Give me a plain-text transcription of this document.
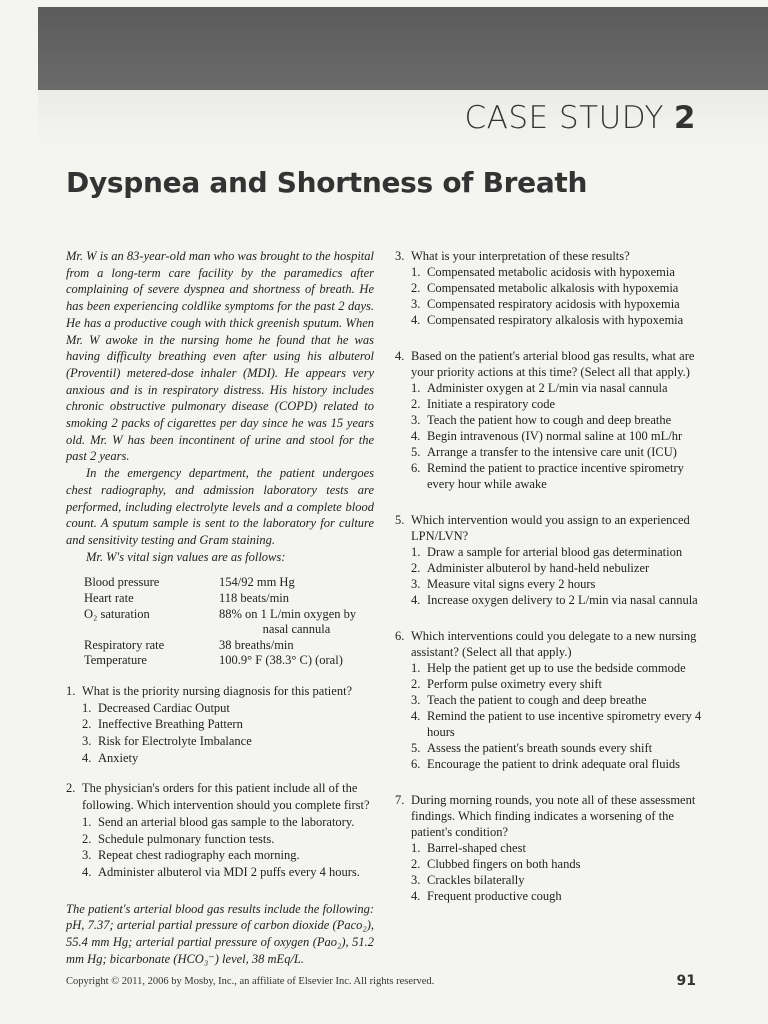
CASE STUDY 2
Dyspnea and Shortness of Breath

Mr. W is an 83-year-old man who was brought to the hospital from a long-term care facility by the paramedics after complaining of severe dyspnea and shortness of breath. He has been experiencing coldlike symptoms for the past 2 days. He has a productive cough with thick greenish sputum. When Mr. W awoke in the nursing home he found that he was having difficulty breathing even after using his albuterol (Proventil) metered-dose inhaler (MDI). He appears very anxious and is in respiratory distress. His history includes chronic obstructive pulmonary disease (COPD) related to smoking 2 packs of cigarettes per day since he was 15 years old. Mr. W has been incontinent of urine and stool for the past 2 years.

In the emergency department, the patient undergoes chest radiography, and admission laboratory tests are performed, including electrolyte levels and a complete blood count. A sputum sample is sent to the laboratory for culture and sensitivity testing and Gram staining.

Mr. W's vital sign values are as follows:

Blood pressure	154/92 mm Hg
Heart rate	118 beats/min
O₂ saturation	88% on 1 L/min oxygen by
nasal cannula
Respiratory rate	38 breaths/min
Temperature	100.9° F (38.3° C) (oral)
1. What is the priority nursing diagnosis for this patient?
1. Decreased Cardiac Output
2. Ineffective Breathing Pattern
3. Risk for Electrolyte Imbalance
4. Anxiety
2. The physician's orders for this patient include all of the following. Which intervention should you complete first?
1. Send an arterial blood gas sample to the laboratory.
2. Schedule pulmonary function tests.
3. Repeat chest radiography each morning.
4. Administer albuterol via MDI 2 puffs every 4 hours.
The patient's arterial blood gas results include the following: pH, 7.37; arterial partial pressure of carbon dioxide (Paco₂), 55.4 mm Hg; arterial partial pressure of oxygen (Pao₂), 51.2 mm Hg; bicarbonate (HCO₃⁻) level, 38 mEq/L.
3. What is your interpretation of these results?
1. Compensated metabolic acidosis with hypoxemia
2. Compensated metabolic alkalosis with hypoxemia
3. Compensated respiratory acidosis with hypoxemia
4. Compensated respiratory alkalosis with hypoxemia
4. Based on the patient's arterial blood gas results, what are your priority actions at this time? (Select all that apply.)
1. Administer oxygen at 2 L/min via nasal cannula
2. Initiate a respiratory code
3. Teach the patient how to cough and deep breathe
4. Begin intravenous (IV) normal saline at 100 mL/hr
5. Arrange a transfer to the intensive care unit (ICU)
6. Remind the patient to practice incentive spirometry every hour while awake
5. Which intervention would you assign to an experienced LPN/LVN?
1. Draw a sample for arterial blood gas determination
2. Administer albuterol by hand-held nebulizer
3. Measure vital signs every 2 hours
4. Increase oxygen delivery to 2 L/min via nasal cannula
6. Which interventions could you delegate to a new nursing assistant? (Select all that apply.)
1. Help the patient get up to use the bedside commode
2. Perform pulse oximetry every shift
3. Teach the patient to cough and deep breathe
4. Remind the patient to use incentive spirometry every 4 hours
5. Assess the patient's breath sounds every shift
6. Encourage the patient to drink adequate oral fluids
7. During morning rounds, you note all of these assessment findings. Which finding indicates a worsening of the patient's condition?
1. Barrel-shaped chest
2. Clubbed fingers on both hands
3. Crackles bilaterally
4. Frequent productive cough
Copyright © 2011, 2006 by Mosby, Inc., an affiliate of Elsevier Inc. All rights reserved.	91
